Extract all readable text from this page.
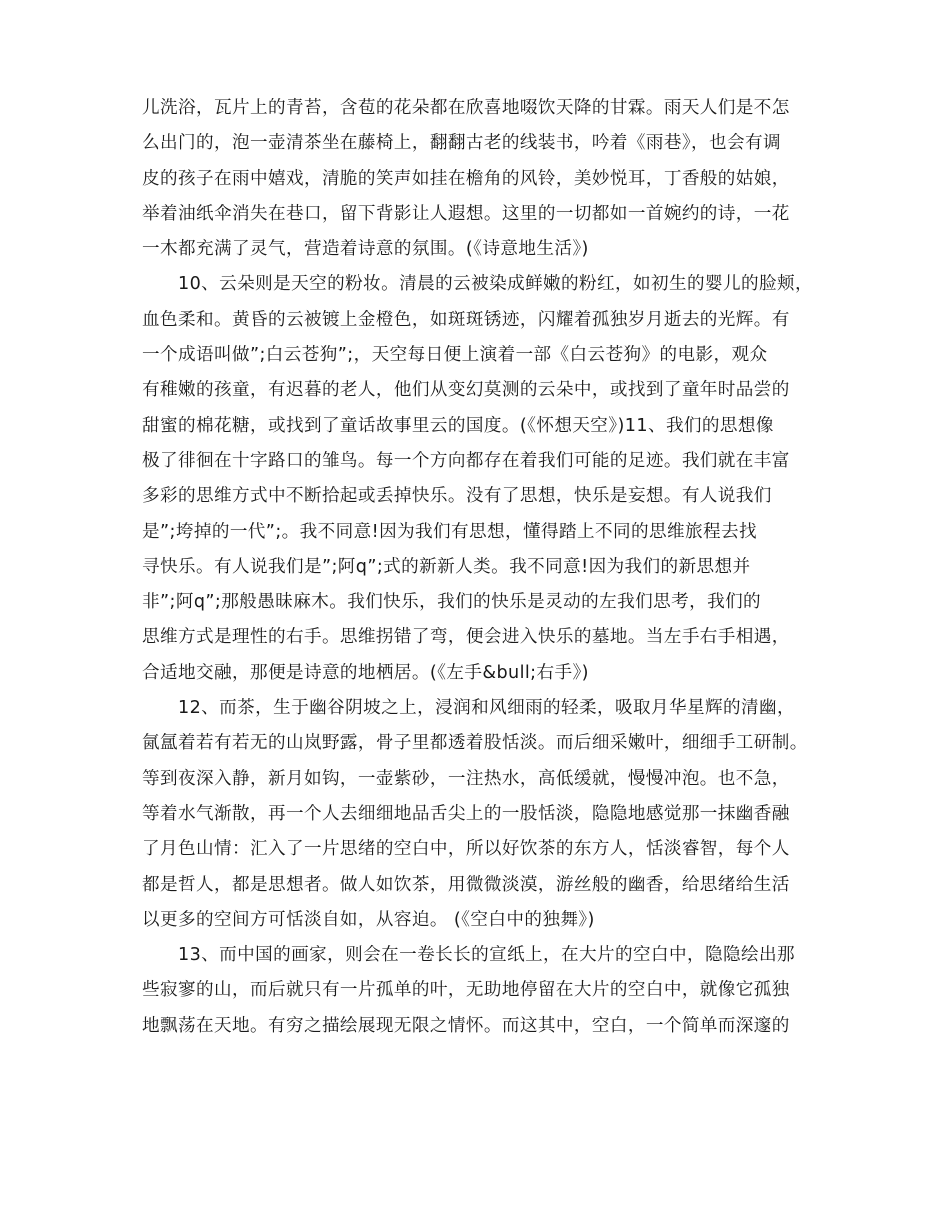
儿洗浴，瓦片上的青苔，含苞的花朵都在欣喜地啜饮天降的甘霖。雨天人们是不怎
么出门的，泡一壶清茶坐在藤椅上，翻翻古老的线装书，吟着《雨巷》，也会有调
皮的孩子在雨中嬉戏，清脆的笑声如挂在檐角的风铃，美妙悦耳，丁香般的姑娘，
举着油纸伞消失在巷口，留下背影让人遐想。这里的一切都如一首婉约的诗，一花
一木都充满了灵气，营造着诗意的氛围。(《诗意地生活》)
　　10、云朵则是天空的粉妆。清晨的云被染成鲜嫩的粉红，如初生的婴儿的脸颊，
血色柔和。黄昏的云被镀上金橙色，如斑斑锈迹，闪耀着孤独岁月逝去的光辉。有
一个成语叫做”;白云苍狗”;，天空每日便上演着一部《白云苍狗》的电影，观众
有稚嫩的孩童，有迟暮的老人，他们从变幻莫测的云朵中，或找到了童年时品尝的
甜蜜的棉花糖，或找到了童话故事里云的国度。(《怀想天空》)11、我们的思想像
极了徘徊在十字路口的雏鸟。每一个方向都存在着我们可能的足迹。我们就在丰富
多彩的思维方式中不断拾起或丢掉快乐。没有了思想，快乐是妄想。有人说我们
是”;垮掉的一代”;。我不同意!因为我们有思想，懂得踏上不同的思维旅程去找
寻快乐。有人说我们是”;阿q”;式的新新人类。我不同意!因为我们的新思想并
非”;阿q”;那般愚昧麻木。我们快乐，我们的快乐是灵动的左我们思考，我们的
思维方式是理性的右手。思维拐错了弯，便会进入快乐的墓地。当左手右手相遇，
合适地交融，那便是诗意的地栖居。(《左手&bull;右手》)
　　12、而茶，生于幽谷阴坡之上，浸润和风细雨的轻柔，吸取月华星辉的清幽，
氤氲着若有若无的山岚野露，骨子里都透着股恬淡。而后细采嫩叶，细细手工研制。
等到夜深入静，新月如钩，一壶紫砂，一注热水，高低缓就，慢慢冲泡。也不急，
等着水气渐散，再一个人去细细地品舌尖上的一股恬淡，隐隐地感觉那一抹幽香融
了月色山情：汇入了一片思绪的空白中，所以好饮茶的东方人，恬淡睿智，每个人
都是哲人，都是思想者。做人如饮茶，用微微淡漠，游丝般的幽香，给思绪给生活
以更多的空间方可恬淡自如，从容迫。 (《空白中的独舞》)
　　13、而中国的画家，则会在一卷长长的宣纸上，在大片的空白中，隐隐绘出那
些寂寥的山，而后就只有一片孤单的叶，无助地停留在大片的空白中，就像它孤独
地飘荡在天地。有穷之描绘展现无限之情怀。而这其中，空白，一个简单而深邃的
